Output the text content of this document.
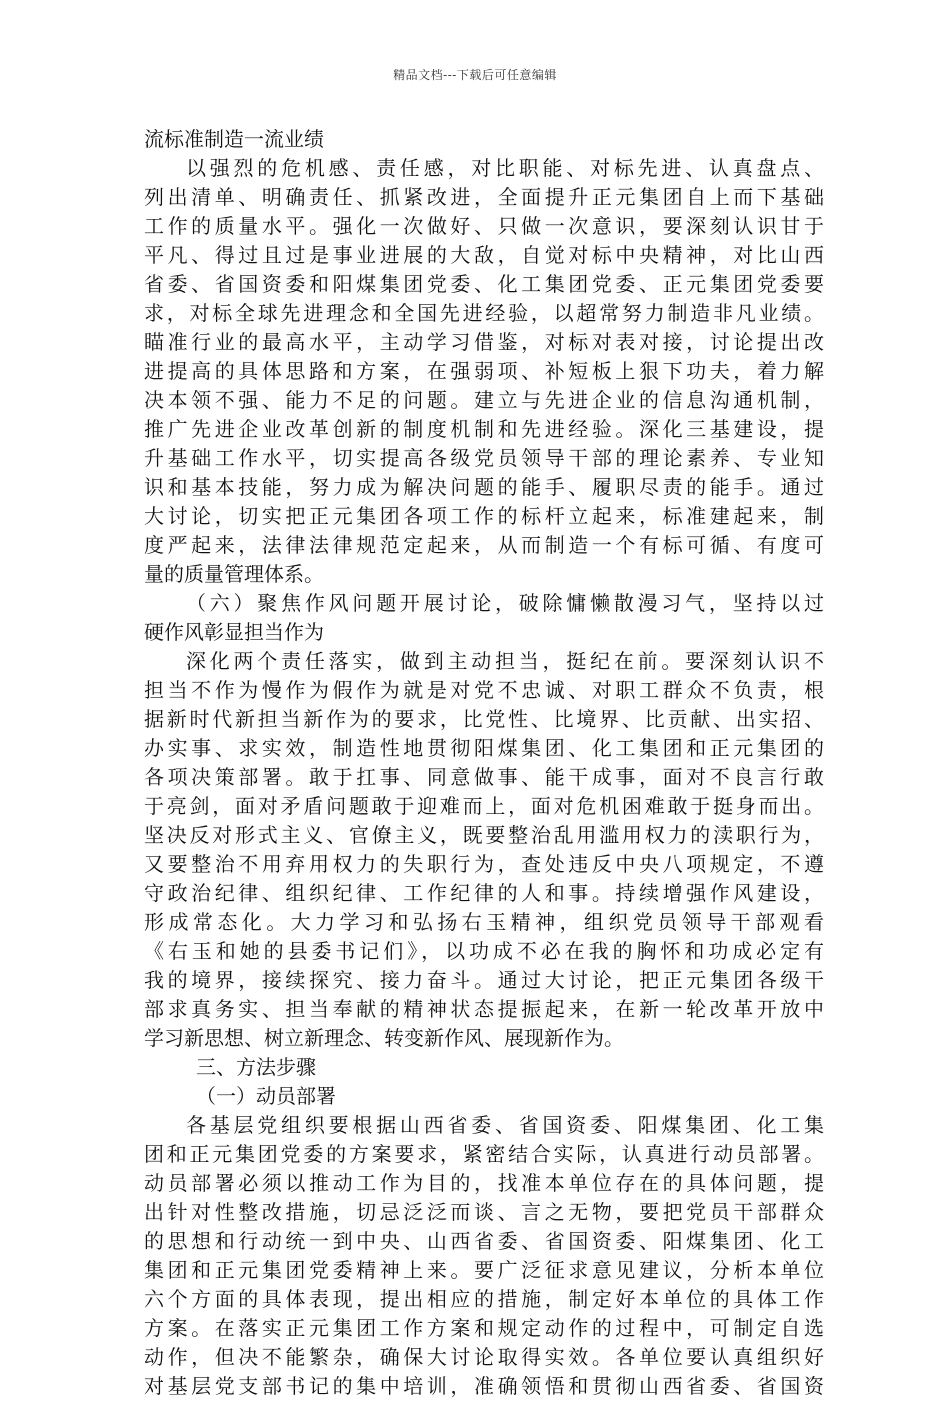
精品文档---下载后可任意编辑
流标准制造一流业绩
以强烈的危机感、责任感，对比职能、对标先进、认真盘点、
列出清单、明确责任、抓紧改进，全面提升正元集团自上而下基础
工作的质量水平。强化一次做好、只做一次意识，要深刻认识甘于
平凡、得过且过是事业进展的大敌，自觉对标中央精神，对比山西
省委、省国资委和阳煤集团党委、化工集团党委、正元集团党委要
求，对标全球先进理念和全国先进经验，以超常努力制造非凡业绩。
瞄准行业的最高水平，主动学习借鉴，对标对表对接，讨论提出改
进提高的具体思路和方案，在强弱项、补短板上狠下功夫，着力解
决本领不强、能力不足的问题。建立与先进企业的信息沟通机制，
推广先进企业改革创新的制度机制和先进经验。深化三基建设，提
升基础工作水平，切实提高各级党员领导干部的理论素养、专业知
识和基本技能，努力成为解决问题的能手、履职尽责的能手。通过
大讨论，切实把正元集团各项工作的标杆立起来，标准建起来，制
度严起来，法律法律规范定起来，从而制造一个有标可循、有度可
量的质量管理体系。
（六）聚焦作风问题开展讨论，破除慵懒散漫习气，坚持以过
硬作风彰显担当作为
深化两个责任落实，做到主动担当，挺纪在前。要深刻认识不
担当不作为慢作为假作为就是对党不忠诚、对职工群众不负责，根
据新时代新担当新作为的要求，比党性、比境界、比贡献、出实招、
办实事、求实效，制造性地贯彻阳煤集团、化工集团和正元集团的
各项决策部署。敢于扛事、同意做事、能干成事，面对不良言行敢
于亮剑，面对矛盾问题敢于迎难而上，面对危机困难敢于挺身而出。
坚决反对形式主义、官僚主义，既要整治乱用滥用权力的渎职行为，
又要整治不用弃用权力的失职行为，查处违反中央八项规定，不遵
守政治纪律、组织纪律、工作纪律的人和事。持续增强作风建设，
形成常态化。大力学习和弘扬右玉精神，组织党员领导干部观看
《右玉和她的县委书记们》，以功成不必在我的胸怀和功成必定有
我的境界，接续探究、接力奋斗。通过大讨论，把正元集团各级干
部求真务实、担当奉献的精神状态提振起来，在新一轮改革开放中
学习新思想、树立新理念、转变新作风、展现新作为。
三、方法步骤
（一）动员部署
各基层党组织要根据山西省委、省国资委、阳煤集团、化工集
团和正元集团党委的方案要求，紧密结合实际，认真进行动员部署。
动员部署必须以推动工作为目的，找准本单位存在的具体问题，提
出针对性整改措施，切忌泛泛而谈、言之无物，要把党员干部群众
的思想和行动统一到中央、山西省委、省国资委、阳煤集团、化工
集团和正元集团党委精神上来。要广泛征求意见建议，分析本单位
六个方面的具体表现，提出相应的措施，制定好本单位的具体工作
方案。在落实正元集团工作方案和规定动作的过程中，可制定自选
动作，但决不能繁杂，确保大讨论取得实效。各单位要认真组织好
对基层党支部书记的集中培训，准确领悟和贯彻山西省委、省国资
